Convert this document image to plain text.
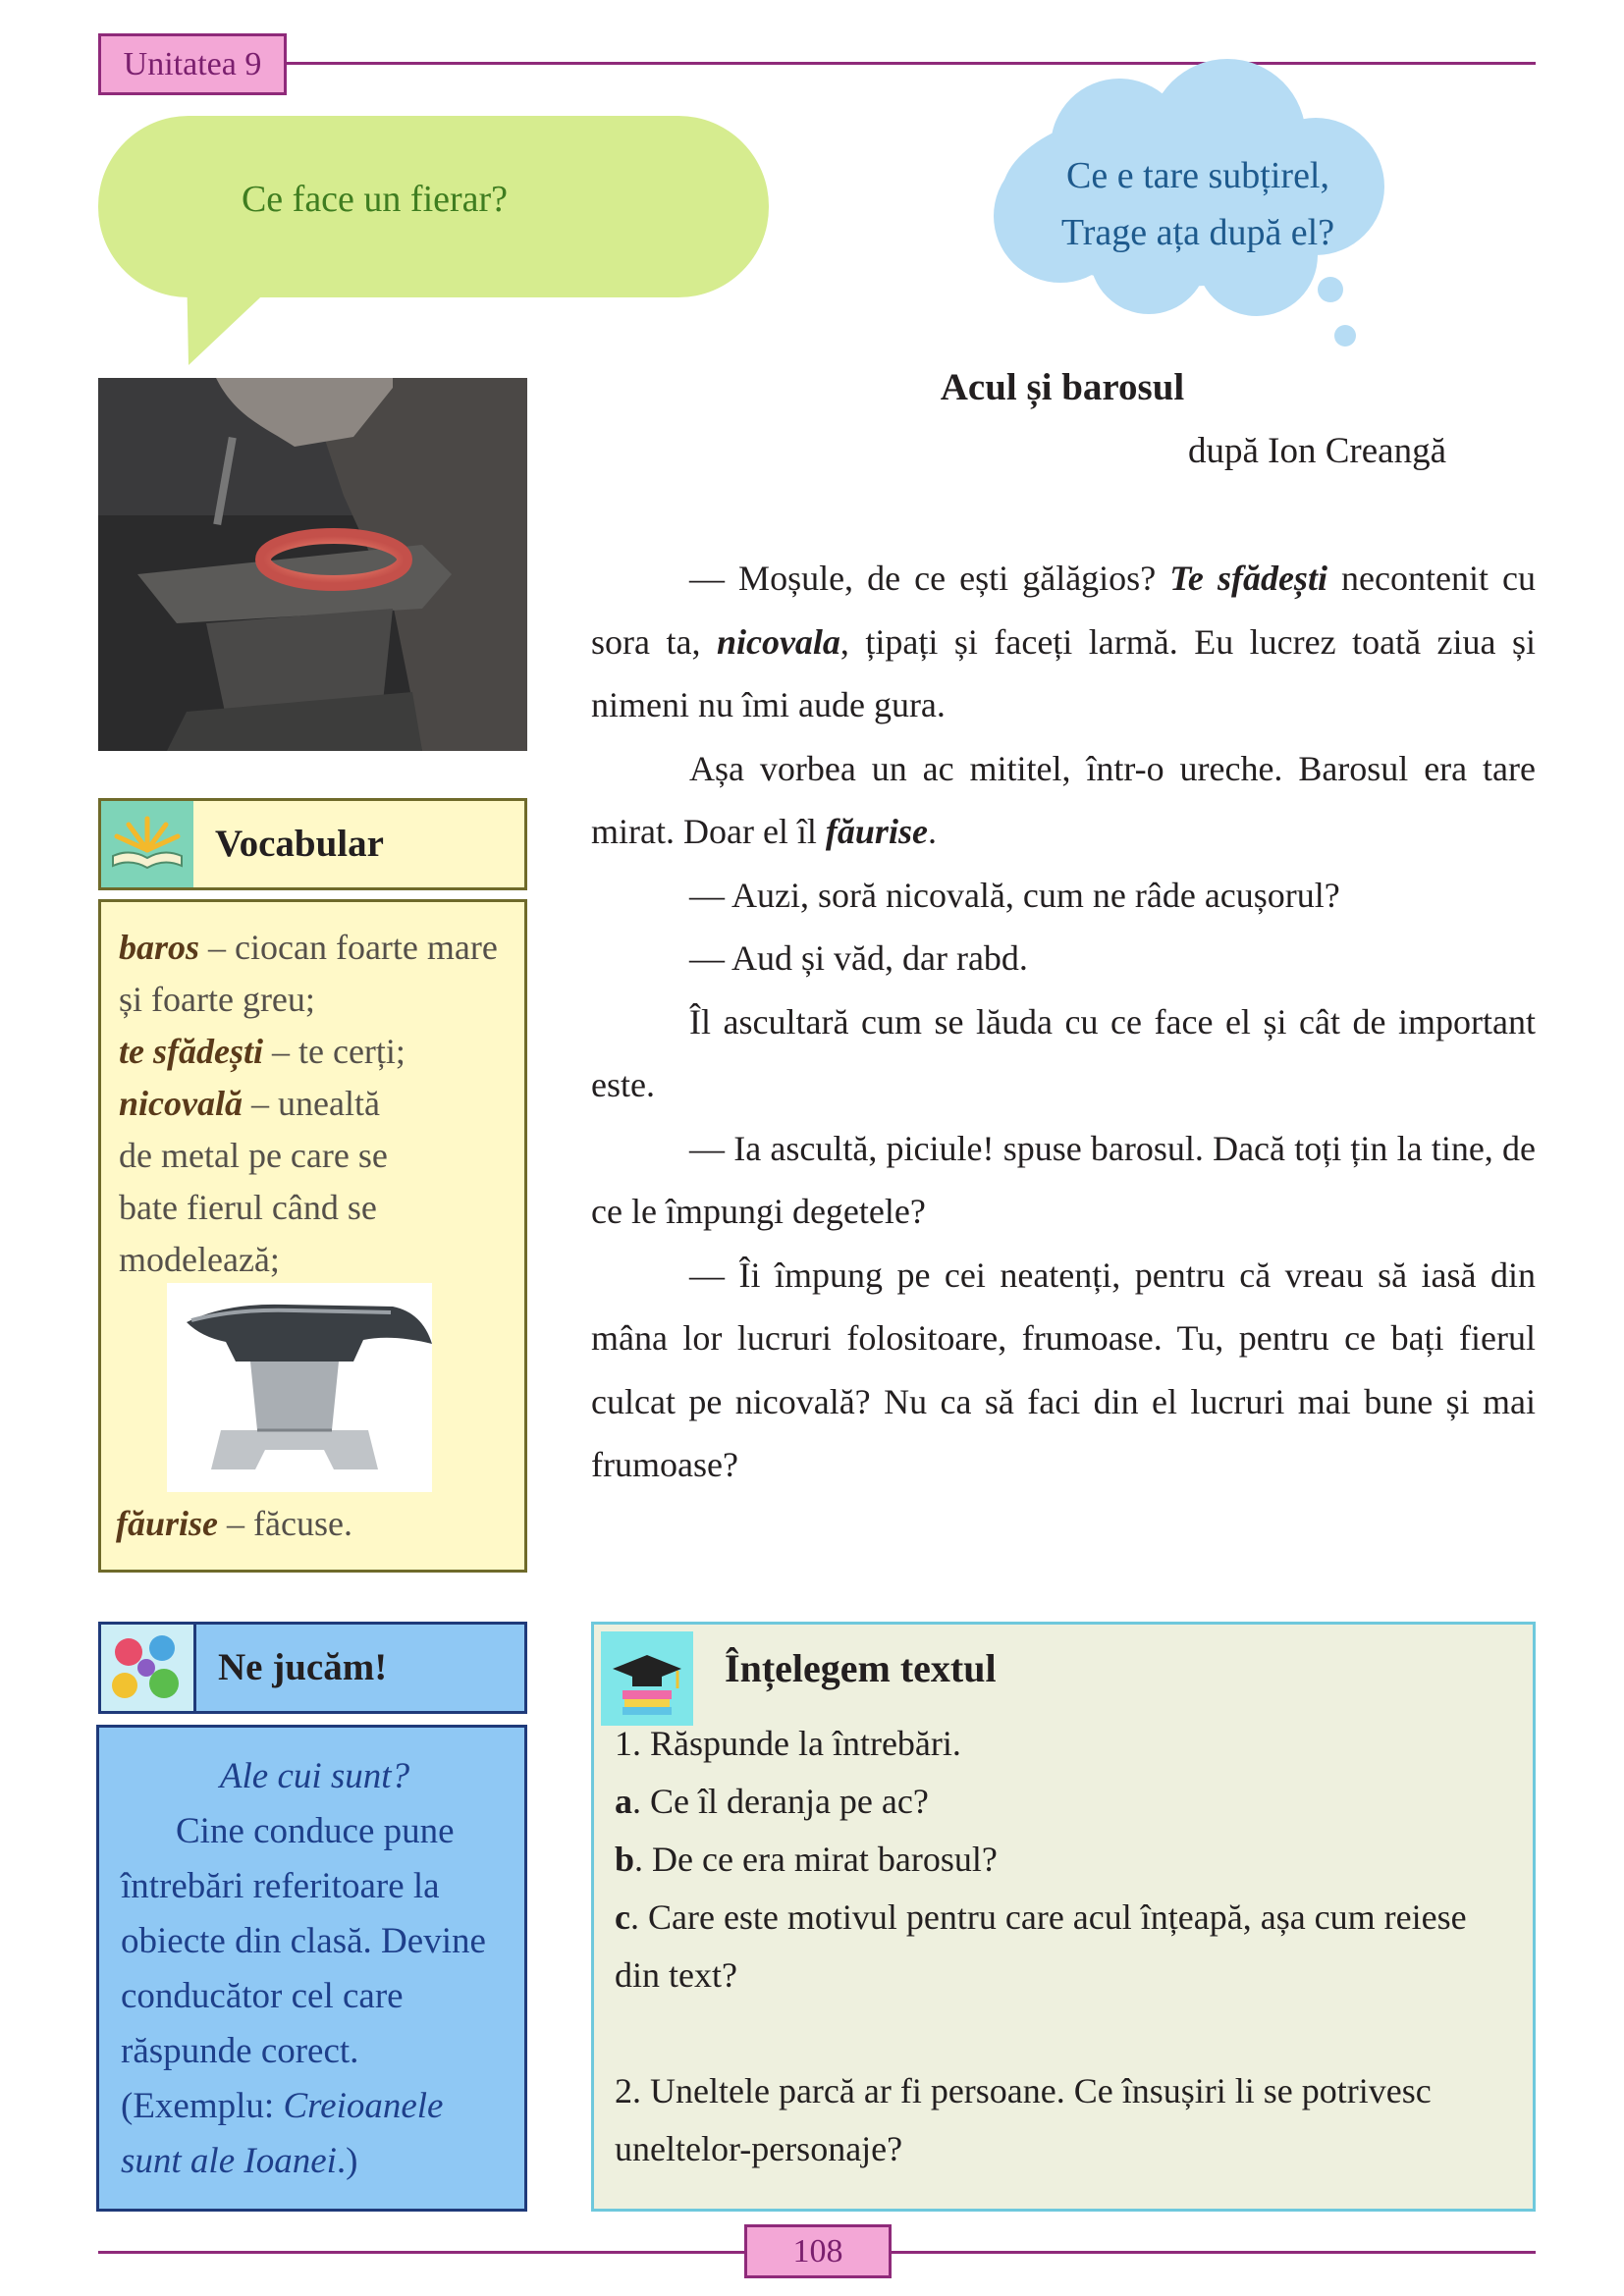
Unitatea 9
Ce face un fierar?
Ce e tare subțirel,
Trage ața după el?
Acul și barosul
după Ion Creangă

— Moșule, de ce ești gălăgios? Te sfădești necontenit cu sora ta, nicovala, țipați și faceți larmă. Eu lucrez toată ziua și nimeni nu îmi aude gura.

Așa vorbea un ac mititel, într-o ureche. Barosul era tare mirat. Doar el îl făurise.

— Auzi, soră nicovală, cum ne râde acușorul?

— Aud și văd, dar rabd.

Îl ascultară cum se lăuda cu ce face el și cât de important este.

— Ia ascultă, piciule! spuse barosul. Dacă toți țin la tine, de ce le împungi degetele?

— Îi împung pe cei neatenți, pentru că vreau să iasă din mâna lor lucruri folositoare, frumoase. Tu, pentru ce bați fierul culcat pe nicovală? Nu ca să faci din el lucruri mai bune și mai frumoase?

Vocabular

baros – ciocan foarte mare și foarte greu;

te sfădești – te cerți;

nicovală – unealtă de metal pe care se bate fierul când se modelează;

făurise – făcuse.
Ne jucăm!

Ale cui sunt?

Cine conduce pune întrebări referitoare la obiecte din clasă. Devine conducător cel care răspunde corect.

(Exemplu: Creioanele sunt ale Ioanei.)

Înțelegem textul

1. Răspunde la întrebări.

a. Ce îl deranja pe ac?

b. De ce era mirat barosul?

c. Care este motivul pentru care acul înțeapă, așa cum reiese din text?

2. Uneltele parcă ar fi persoane. Ce însușiri li se potrivesc uneltelor-personaje?

108
